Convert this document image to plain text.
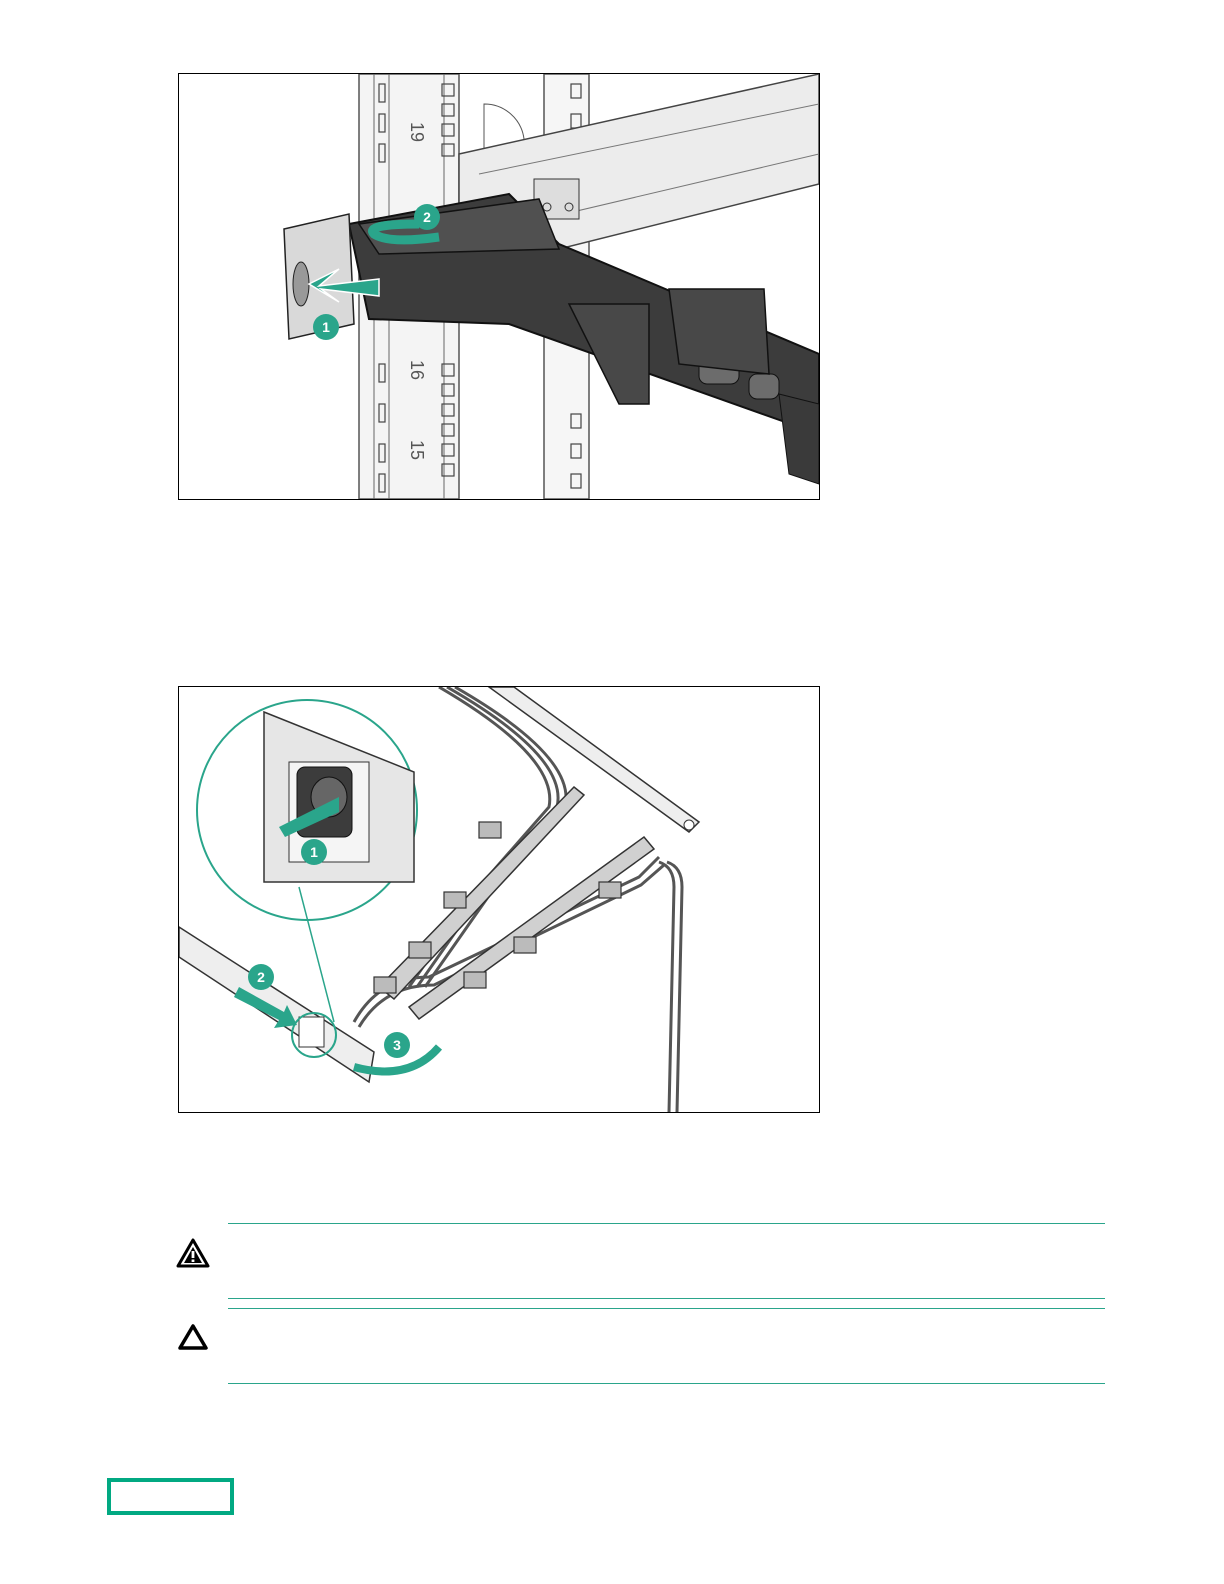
19
16
15
1
2
1
2
3
